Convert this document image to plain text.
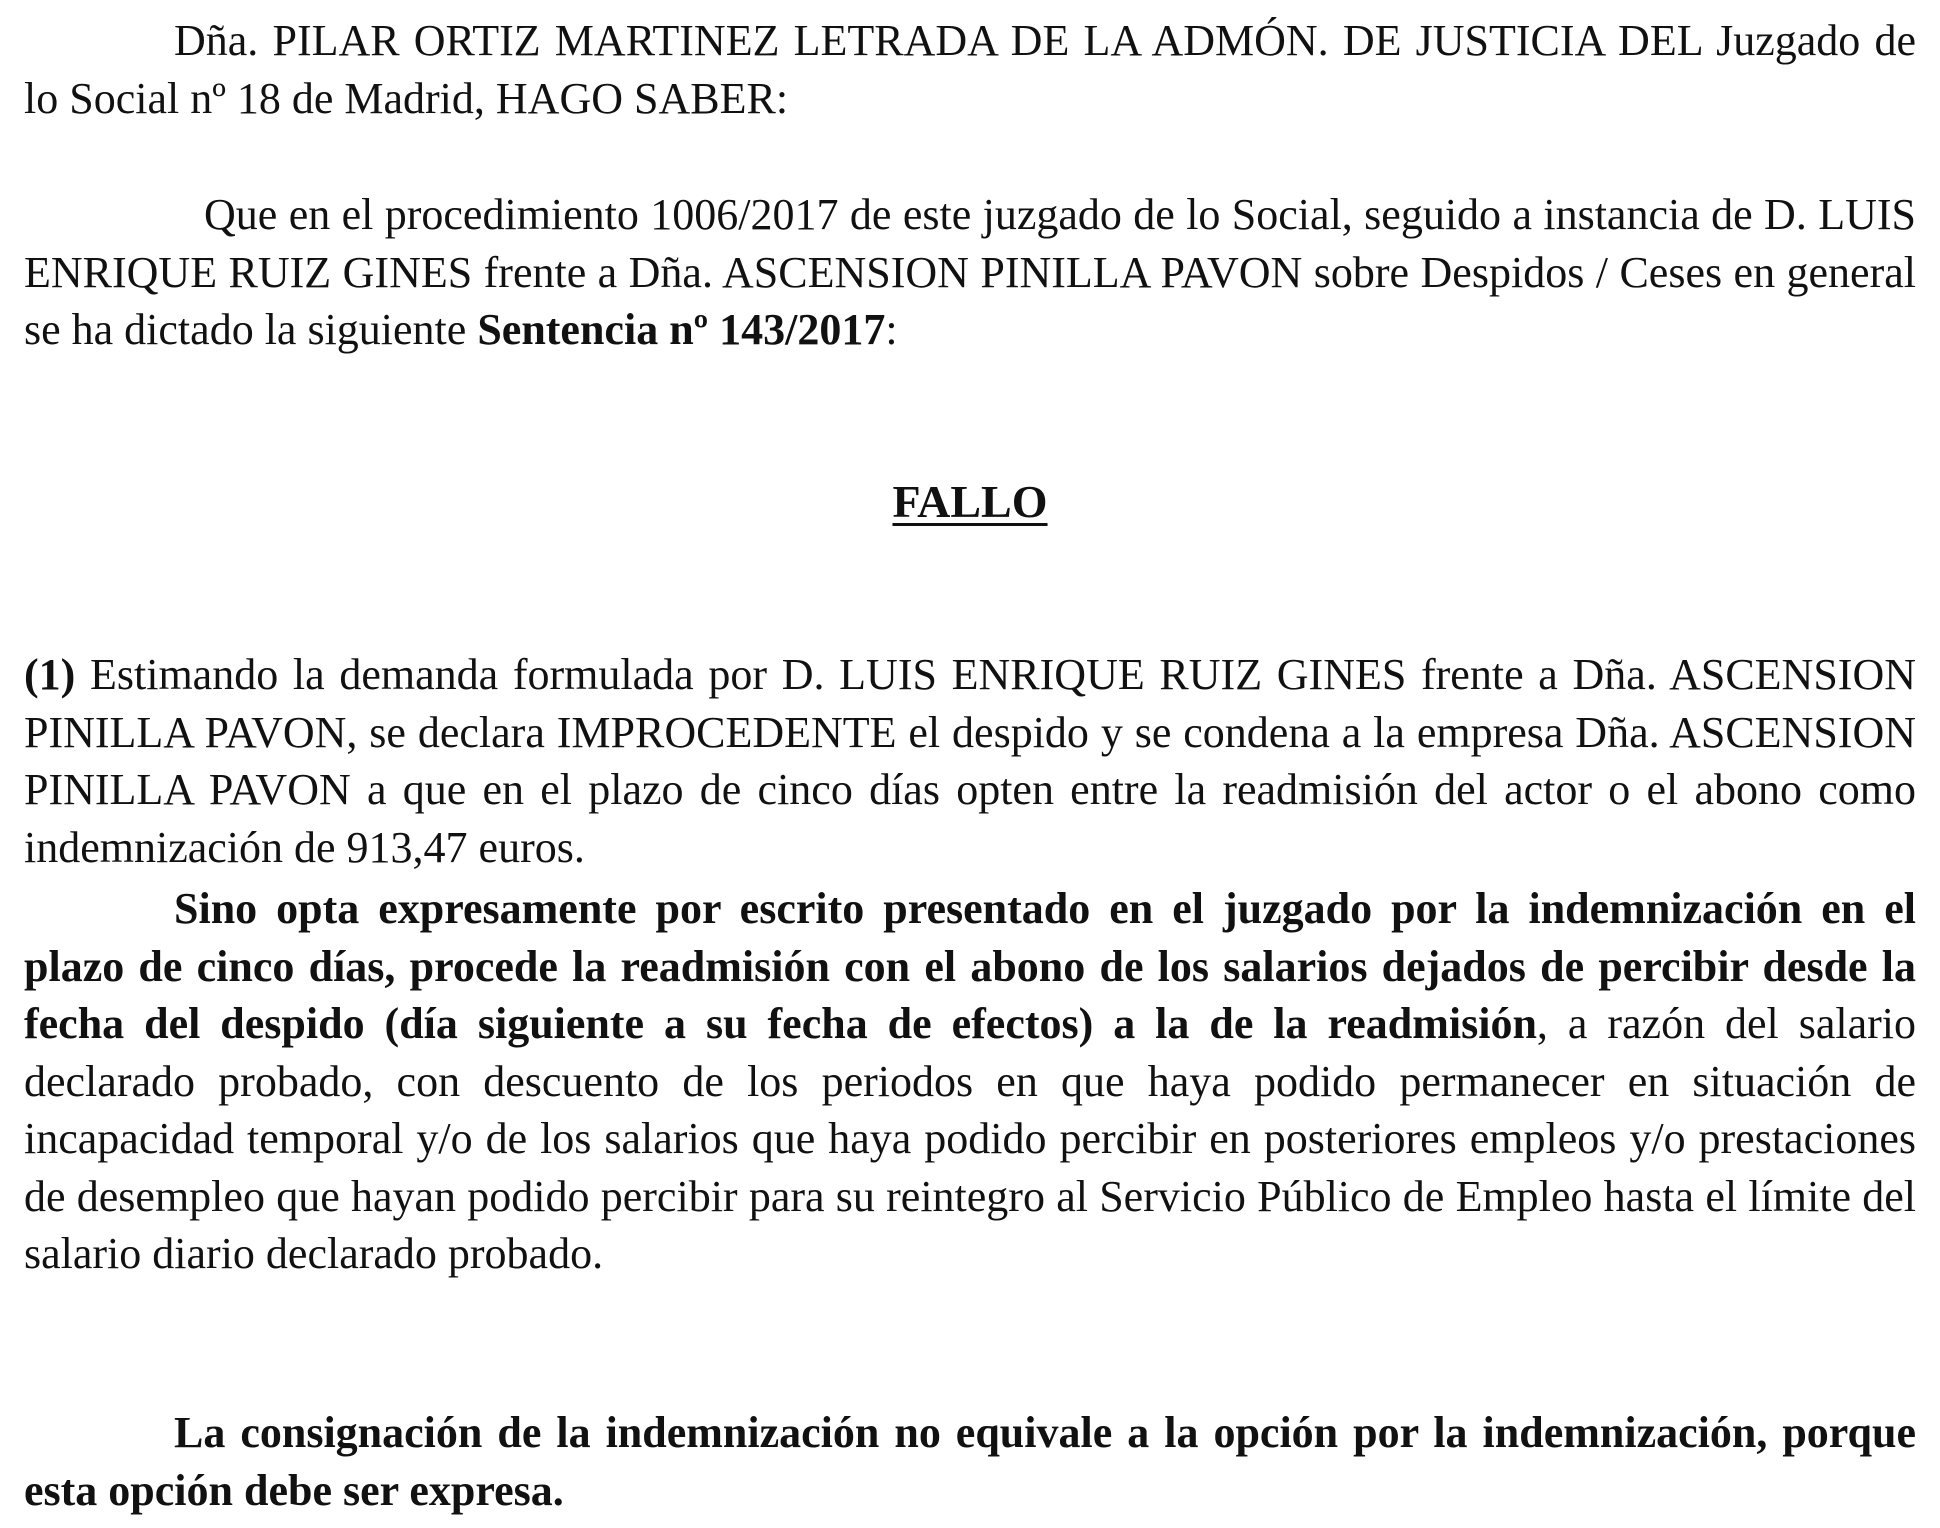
Dña. PILAR ORTIZ MARTINEZ LETRADA DE LA ADMÓN. DE JUSTICIA DEL Juzgado de lo Social nº 18 de Madrid, HAGO SABER:

Que en el procedimiento 1006/2017 de este juzgado de lo Social, seguido a instancia de D. LUIS ENRIQUE RUIZ GINES frente a Dña. ASCENSION PINILLA PAVON sobre Despidos / Ceses en general se ha dictado la siguiente Sentencia nº 143/2017:

FALLO

(1) Estimando la demanda formulada por D. LUIS ENRIQUE RUIZ GINES frente a Dña. ASCENSION PINILLA PAVON, se declara IMPROCEDENTE el despido y se condena a la empresa Dña. ASCENSION PINILLA PAVON a que en el plazo de cinco días opten entre la readmisión del actor o el abono como indemnización de 913,47 euros.

Sino opta expresamente por escrito presentado en el juzgado por la indemnización en el plazo de cinco días, procede la readmisión con el abono de los salarios dejados de percibir desde la fecha del despido (día siguiente a su fecha de efectos) a la de la readmisión, a razón del salario declarado probado, con descuento de los periodos en que haya podido permanecer en situación de incapacidad temporal y/o de los salarios que haya podido percibir en posteriores empleos y/o prestaciones de desempleo que hayan podido percibir para su reintegro al Servicio Público de Empleo hasta el límite del salario diario declarado probado.

La consignación de la indemnización no equivale a la opción por la indemnización, porque esta opción debe ser expresa.
